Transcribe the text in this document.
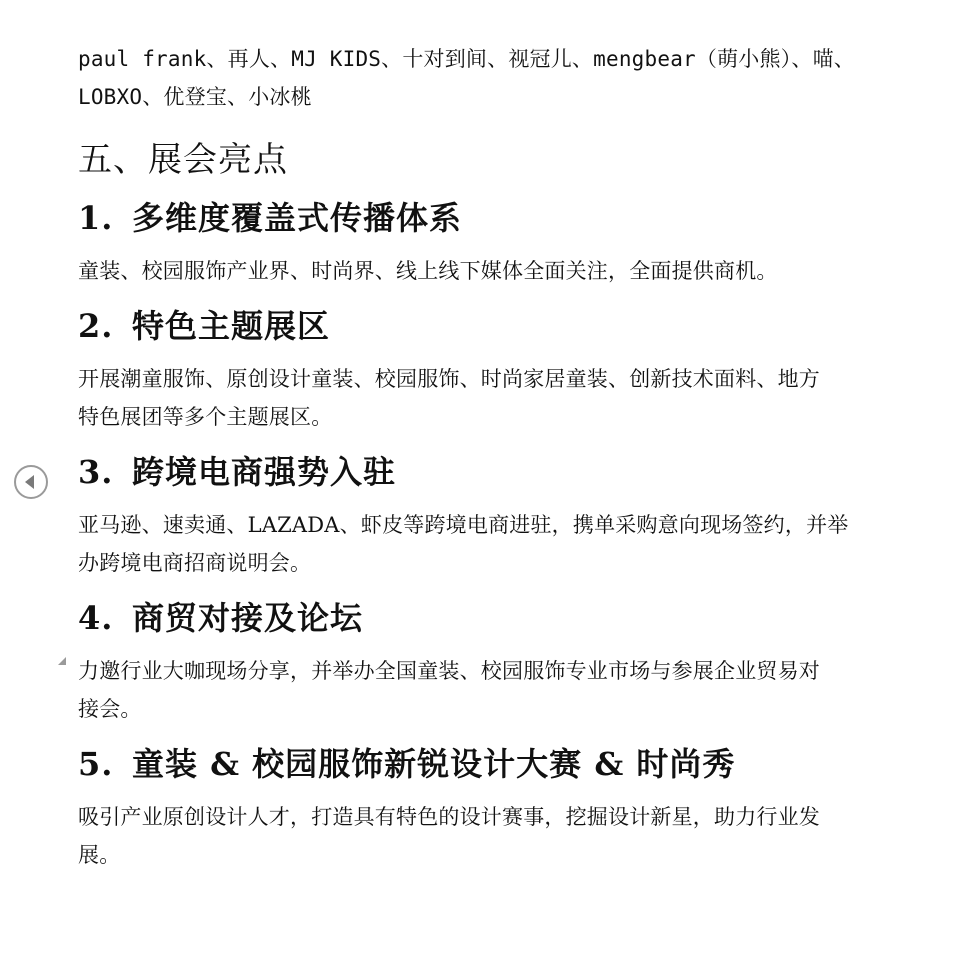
paul frank、再人、MJ KIDS、十对到间、视冠儿、mengbear（萌小熊）、喵、

LOBXO、优登宝、小冰桃

五、展会亮点
1. 多维度覆盖式传播体系

童装、校园服饰产业界、时尚界、线上线下媒体全面关注，全面提供商机。

2. 特色主题展区

开展潮童服饰、原创设计童装、校园服饰、时尚家居童装、创新技术面料、地方

特色展团等多个主题展区。

3. 跨境电商强势入驻

亚马逊、速卖通、LAZADA、虾皮等跨境电商进驻，携单采购意向现场签约，并举

办跨境电商招商说明会。

4. 商贸对接及论坛

力邀行业大咖现场分享，并举办全国童装、校园服饰专业市场与参展企业贸易对

接会。

5. 童装 & 校园服饰新锐设计大赛 & 时尚秀

吸引产业原创设计人才，打造具有特色的设计赛事，挖掘设计新星，助力行业发

展。
